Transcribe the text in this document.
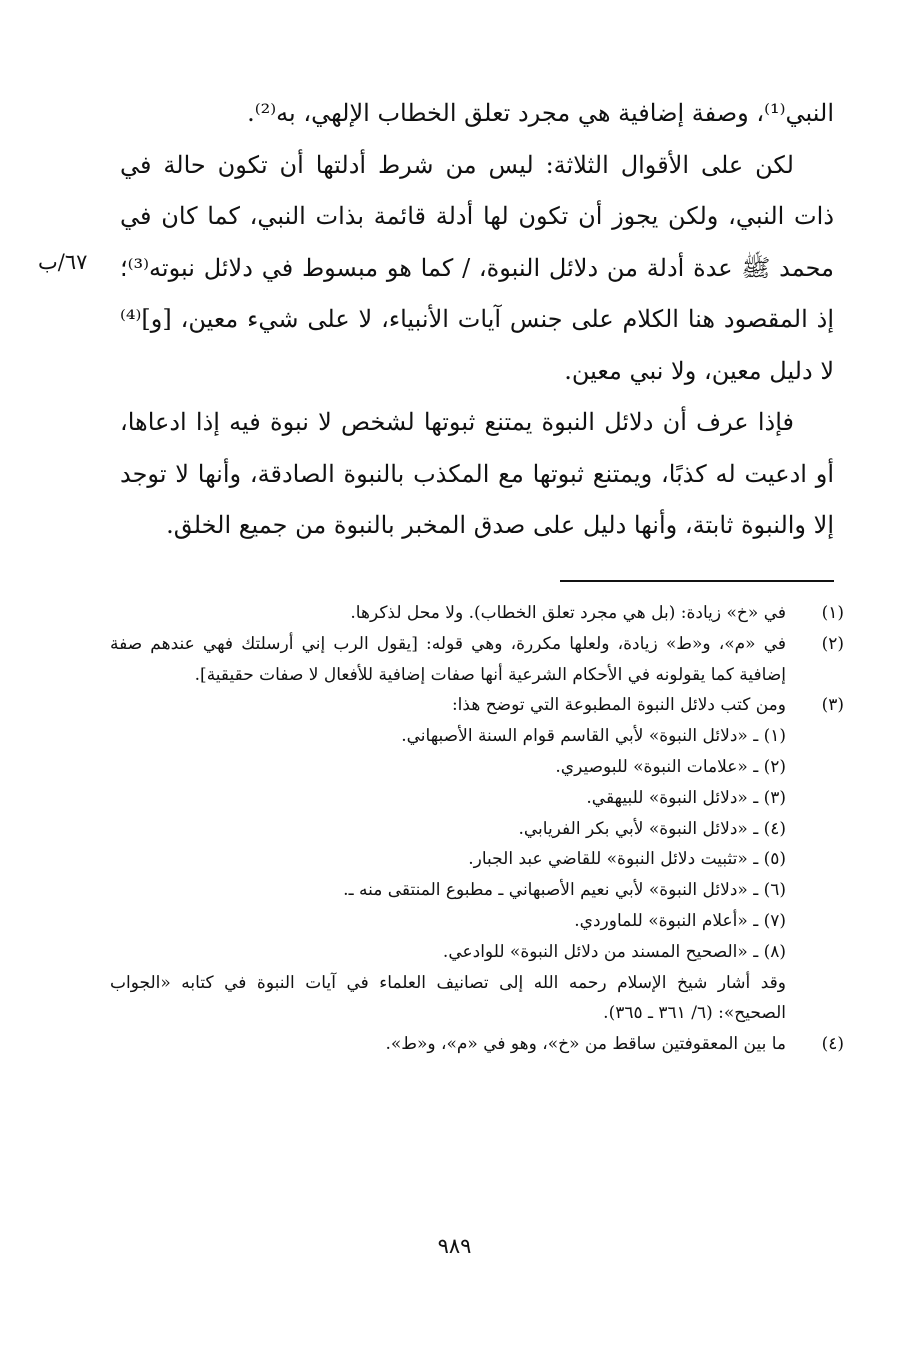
النبي⁽¹⁾، وصفة إضافية هي مجرد تعلق الخطاب الإلهي، به⁽²⁾.

لكن على الأقوال الثلاثة: ليس من شرط أدلتها أن تكون حالة في ذات النبي، ولكن يجوز أن تكون لها أدلة قائمة بذات النبي، كما كان في محمد ﷺ عدة أدلة من دلائل النبوة، / كما هو مبسوط في دلائل نبوته⁽³⁾؛ إذ المقصود هنا الكلام على جنس آيات الأنبياء، لا على شيء معين، [و]⁽⁴⁾ لا دليل معين، ولا نبي معين.

فإذا عرف أن دلائل النبوة يمتنع ثبوتها لشخص لا نبوة فيه إذا ادعاها، أو ادعيت له كذبًا، ويمتنع ثبوتها مع المكذب بالنبوة الصادقة، وأنها لا توجد إلا والنبوة ثابتة، وأنها دليل على صدق المخبر بالنبوة من جميع الخلق.

٦٧/ب
(١)
في «خ» زيادة: (بل هي مجرد تعلق الخطاب). ولا محل لذكرها.
(٢)
في «م»، و«ط» زيادة، ولعلها مكررة، وهي قوله: [يقول الرب إني أرسلتك فهي عندهم صفة إضافية كما يقولونه في الأحكام الشرعية أنها صفات إضافية للأفعال لا صفات حقيقية].
(٣)
ومن كتب دلائل النبوة المطبوعة التي توضح هذا:
(١) ـ «دلائل النبوة» لأبي القاسم قوام السنة الأصبهاني.
(٢) ـ «علامات النبوة» للبوصيري.
(٣) ـ «دلائل النبوة» للبيهقي.
(٤) ـ «دلائل النبوة» لأبي بكر الفريابي.
(٥) ـ «تثبيت دلائل النبوة» للقاضي عبد الجبار.
(٦) ـ «دلائل النبوة» لأبي نعيم الأصبهاني ـ مطبوع المنتقى منه ـ.
(٧) ـ «أعلام النبوة» للماوردي.
(٨) ـ «الصحيح المسند من دلائل النبوة» للوادعي.
وقد أشار شيخ الإسلام رحمه الله إلى تصانيف العلماء في آيات النبوة في كتابه «الجواب الصحيح»: (٦/ ٣٦١ ـ ٣٦٥).
(٤)
ما بين المعقوفتين ساقط من «خ»، وهو في «م»، و«ط».
٩٨٩
